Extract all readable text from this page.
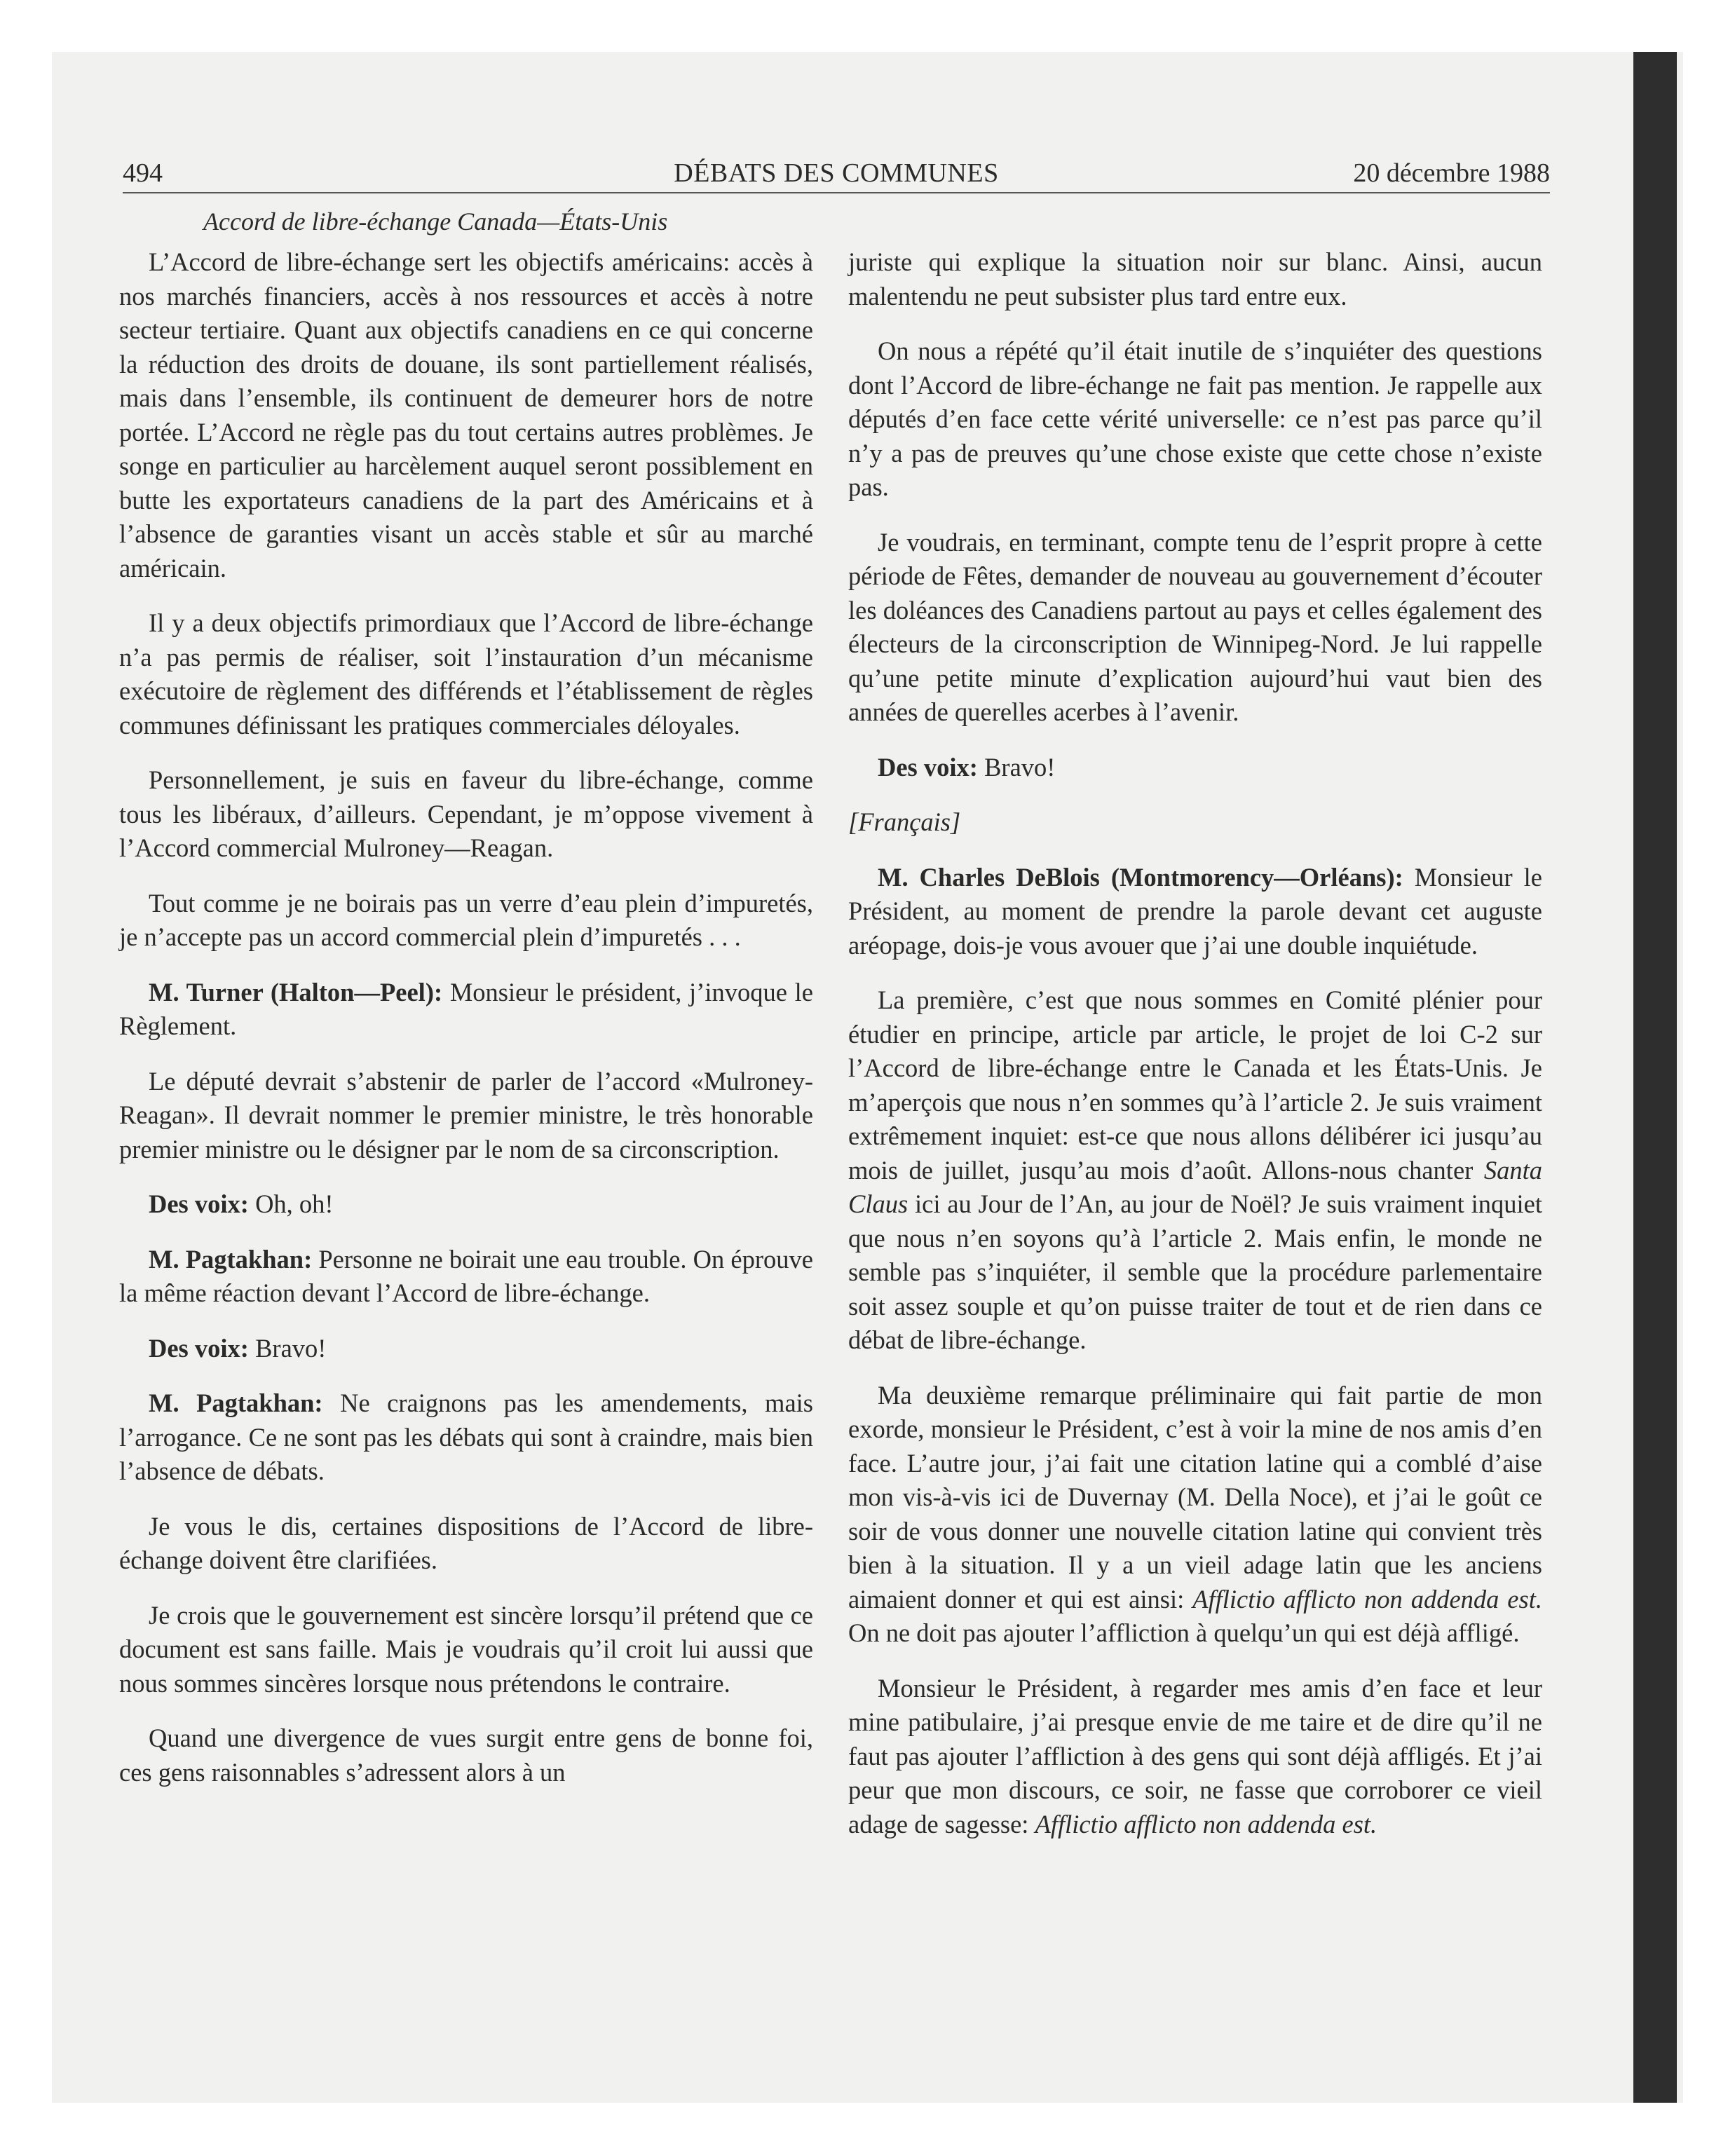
494	DÉBATS DES COMMUNES	20 décembre 1988
Accord de libre-échange Canada—États-Unis

L’Accord de libre-échange sert les objectifs américains: accès à nos marchés financiers, accès à nos ressources et accès à notre secteur tertiaire. Quant aux objectifs canadiens en ce qui concerne la réduction des droits de douane, ils sont partiellement réalisés, mais dans l’ensemble, ils continuent de demeurer hors de notre portée. L’Accord ne règle pas du tout certains autres problèmes. Je songe en particulier au harcèlement auquel seront possiblement en butte les exportateurs canadiens de la part des Américains et à l’absence de garanties visant un accès stable et sûr au marché américain.

Il y a deux objectifs primordiaux que l’Accord de libre-échange n’a pas permis de réaliser, soit l’instauration d’un mécanisme exécutoire de règlement des différends et l’établissement de règles communes définissant les pratiques commerciales déloyales.

Personnellement, je suis en faveur du libre-échange, comme tous les libéraux, d’ailleurs. Cependant, je m’oppose vivement à l’Accord commercial Mulroney—Reagan.

Tout comme je ne boirais pas un verre d’eau plein d’impuretés, je n’accepte pas un accord commercial plein d’impuretés . . .

M. Turner (Halton—Peel): Monsieur le président, j’invoque le Règlement.

Le député devrait s’abstenir de parler de l’accord «Mulroney-Reagan». Il devrait nommer le premier ministre, le très honorable premier ministre ou le désigner par le nom de sa circonscription.

Des voix: Oh, oh!

M. Pagtakhan: Personne ne boirait une eau trouble. On éprouve la même réaction devant l’Accord de libre-échange.

Des voix: Bravo!

M. Pagtakhan: Ne craignons pas les amendements, mais l’arrogance. Ce ne sont pas les débats qui sont à craindre, mais bien l’absence de débats.

Je vous le dis, certaines dispositions de l’Accord de libre-échange doivent être clarifiées.

Je crois que le gouvernement est sincère lorsqu’il prétend que ce document est sans faille. Mais je voudrais qu’il croit lui aussi que nous sommes sincères lorsque nous prétendons le contraire.

Quand une divergence de vues surgit entre gens de bonne foi, ces gens raisonnables s’adressent alors à un

juriste qui explique la situation noir sur blanc. Ainsi, aucun malentendu ne peut subsister plus tard entre eux.

On nous a répété qu’il était inutile de s’inquiéter des questions dont l’Accord de libre-échange ne fait pas mention. Je rappelle aux députés d’en face cette vérité universelle: ce n’est pas parce qu’il n’y a pas de preuves qu’une chose existe que cette chose n’existe pas.

Je voudrais, en terminant, compte tenu de l’esprit propre à cette période de Fêtes, demander de nouveau au gouvernement d’écouter les doléances des Canadiens partout au pays et celles également des électeurs de la circonscription de Winnipeg-Nord. Je lui rappelle qu’une petite minute d’explication aujourd’hui vaut bien des années de querelles acerbes à l’avenir.

Des voix: Bravo!

[Français]

M. Charles DeBlois (Montmorency—Orléans): Monsieur le Président, au moment de prendre la parole devant cet auguste aréopage, dois-je vous avouer que j’ai une double inquiétude.

La première, c’est que nous sommes en Comité plénier pour étudier en principe, article par article, le projet de loi C-2 sur l’Accord de libre-échange entre le Canada et les États-Unis. Je m’aperçois que nous n’en sommes qu’à l’article 2. Je suis vraiment extrêmement inquiet: est-ce que nous allons délibérer ici jusqu’au mois de juillet, jusqu’au mois d’août. Allons-nous chanter Santa Claus ici au Jour de l’An, au jour de Noël? Je suis vraiment inquiet que nous n’en soyons qu’à l’article 2. Mais enfin, le monde ne semble pas s’inquiéter, il semble que la procédure parlementaire soit assez souple et qu’on puisse traiter de tout et de rien dans ce débat de libre-échange.

Ma deuxième remarque préliminaire qui fait partie de mon exorde, monsieur le Président, c’est à voir la mine de nos amis d’en face. L’autre jour, j’ai fait une citation latine qui a comblé d’aise mon vis-à-vis ici de Duvernay (M. Della Noce), et j’ai le goût ce soir de vous donner une nouvelle citation latine qui convient très bien à la situation. Il y a un vieil adage latin que les anciens aimaient donner et qui est ainsi: Afflictio afflicto non addenda est. On ne doit pas ajouter l’affliction à quelqu’un qui est déjà affligé.

Monsieur le Président, à regarder mes amis d’en face et leur mine patibulaire, j’ai presque envie de me taire et de dire qu’il ne faut pas ajouter l’affliction à des gens qui sont déjà affligés. Et j’ai peur que mon discours, ce soir, ne fasse que corroborer ce vieil adage de sagesse: Afflictio afflicto non addenda est.
